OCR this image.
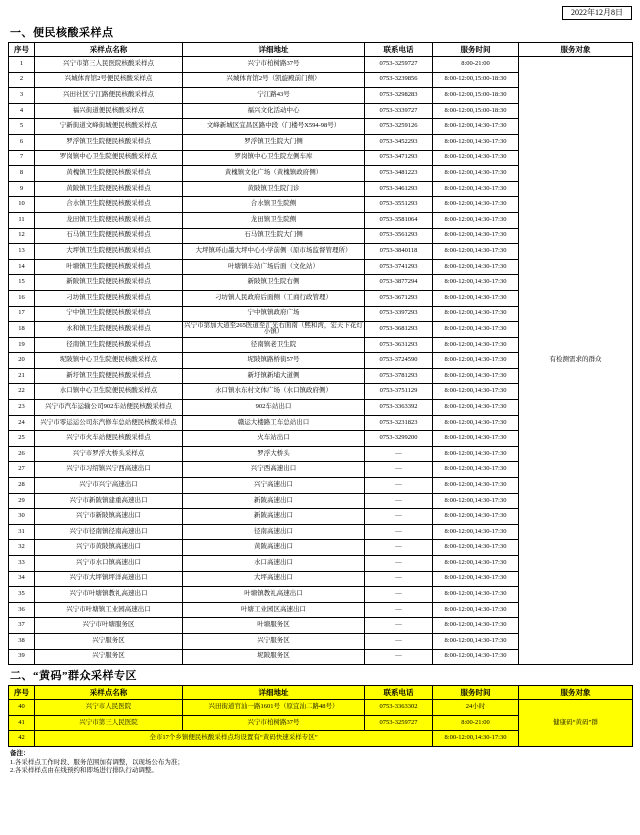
2022年12月8日
一、便民核酸采样点
序号	采样点名称	详细地址	联系电话	服务时间	服务对象
1	兴宁市第三人民医院核酸采样点	兴宁市柏树路37号	0753-3259727	8:00-21:00	有检测需求的群众
2	兴城体育馆2号便民核酸采样点	兴城体育馆2号（凯旋殿前门侧）	0753-3239856	8:00-12:00,15:00-18:30	
3	兴田社区宁江路便民核酸采样点	宁江路43号	0753-3298283	8:00-12:00,15:00-18:30	
4	福兴街道便民核酸采样点	福兴文化活动中心	0753-3339727	8:00-12:00,15:00-18:30	
5	宁新街道文峰街城便民核酸采样点	文峰新城区宜昌区路中段（门楼号X594-98号）	0753-3259126	8:00-12:00,14:30-17:30	
6	罗浮镇卫生院便民核酸采样点	罗浮镇卫生院大门侧	0753-3452293	8:00-12:00,14:30-17:30	
7	罗岗镇中心卫生院便民核酸采样点	罗岗镇中心卫生院左侧车库	0753-3471293	8:00-12:00,14:30-17:30	
8	黄槐镇卫生院便民核酸采样点	黄槐镇文化广场（黄槐镇政府侧）	0753-3481223	8:00-12:00,14:30-17:30	
9	黄陂镇卫生院便民核酸采样点	黄陂镇卫生院门诊	0753-3461293	8:00-12:00,14:30-17:30	
10	合水镇卫生院便民核酸采样点	合水镇卫生院侧	0753-3551293	8:00-12:00,14:30-17:30	
11	龙田镇卫生院便民核酸采样点	龙田镇卫生院侧	0753-3581064	8:00-12:00,14:30-17:30	
12	石马镇卫生院便民核酸采样点	石马镇卫生院大门侧	0753-3561293	8:00-12:00,14:30-17:30	
13	大坪镇卫生院便民核酸采样点	大坪镇环山墨大坪中心小学前侧（原市场监督管理所）	0753-3840118	8:00-12:00,14:30-17:30	
14	叶塘镇卫生院便民核酸采样点	叶塘镇车站广场后面（文化站）	0753-3741293	8:00-12:00,14:30-17:30	
15	新陂镇卫生院便民核酸采样点	新陂镇卫生院右侧	0753-3877294	8:00-12:00,14:30-17:30	
16	刁坊镇卫生院便民核酸采样点	刁坊镇人民政府后面侧（工商行政管理）	0753-3671293	8:00-12:00,14:30-17:30	
17	宁中镇卫生院便民核酸采样点	宁中镇镇政府广场	0753-3397293	8:00-12:00,14:30-17:30	
18	永和镇卫生院便民核酸采样点	兴宁市第加大道至265医道至汇光右面南（熙和湾，宏天下花灯小镇）	0753-3681293	8:00-12:00,14:30-17:30	
19	径南镇卫生院便民核酸采样点	径南镇老卫生院	0753-3631293	8:00-12:00,14:30-17:30	
20	坭陂镇中心卫生院便民核酸采样点	坭陂镇路桥街57号	0753-3724590	8:00-12:00,14:30-17:30	
21	新圩镇卫生院便民核酸采样点	新圩镇新埔大道侧	0753-3781293	8:00-12:00,14:30-17:30	
22	水口镇中心卫生院便民核酸采样点	水口镇水东村文体广场（水口镇政府侧）	0753-3751129	8:00-12:00,14:30-17:30	
23	兴宁市汽车运输公司902车站便民核酸采样点	902车站出口	0753-3363392	8:00-12:00,14:30-17:30	
24	兴宁市零运运公司东汽修车总站便民核酸采样点	赣运大楼路工车总站出口	0753-3231823	8:00-12:00,14:30-17:30	
25	兴宁市火车站便民核酸采样点	火车站出口	0753-3299200	8:00-12:00,14:30-17:30	
26	兴宁市罗浮大桥头采样点	罗浮大桥头	—	8:00-12:00,14:30-17:30	
27	兴宁市习绍镇兴宁西高速出口	兴宁西高速出口	—	8:00-12:00,14:30-17:30	
28	兴宁市兴宁高速出口	兴宁高速出口	—	8:00-12:00,14:30-17:30	
29	兴宁市新陂镇建重高速出口	新陂高速出口	—	8:00-12:00,14:30-17:30	
30	兴宁市新陂镇高速出口	新陂高速出口	—	8:00-12:00,14:30-17:30	
31	兴宁市径南镇径南高速出口	径南高速出口	—	8:00-12:00,14:30-17:30	
32	兴宁市黄陂镇高速出口	黄陂高速出口	—	8:00-12:00,14:30-17:30	
33	兴宁市水口镇高速出口	水口高速出口	—	8:00-12:00,14:30-17:30	
34	兴宁市大坪镇坪洋高速出口	大坪高速出口	—	8:00-12:00,14:30-17:30	
35	兴宁市叶塘镇教礼高速出口	叶塘镇教礼高速出口	—	8:00-12:00,14:30-17:30	
36	兴宁市叶塘镇工业园高速出口	叶塘工业园区高速出口	—	8:00-12:00,14:30-17:30	
37	兴宁市叶塘服务区	叶塘服务区	—	8:00-12:00,14:30-17:30	
38	兴宁服务区	兴宁服务区	—	8:00-12:00,14:30-17:30	
39	兴宁服务区	坭陂服务区	—	8:00-12:00,14:30-17:30	
二、“黄码”群众采样专区
序号	采样点名称	详细地址	联系电话	服务时间	服务对象
40	兴宁市人民医院	兴田街道官汕一路1601号（原宜汕二路48号）	0753-3363302	24小时	健康码“黄码”群
41	兴宁市第三人民医院	兴宁市柏树路37号	0753-3259727	8:00-21:00	
42	全市17个乡镇便民核酸采样点均设置有“黄码快速采样专区”			8:00-12:00,14:30-17:30	
备注：
1.各采样点工作时段、服务范围加有调整，以现场公布为准；
2.各采样样点由在线预约和即场进行排队行动调整。
